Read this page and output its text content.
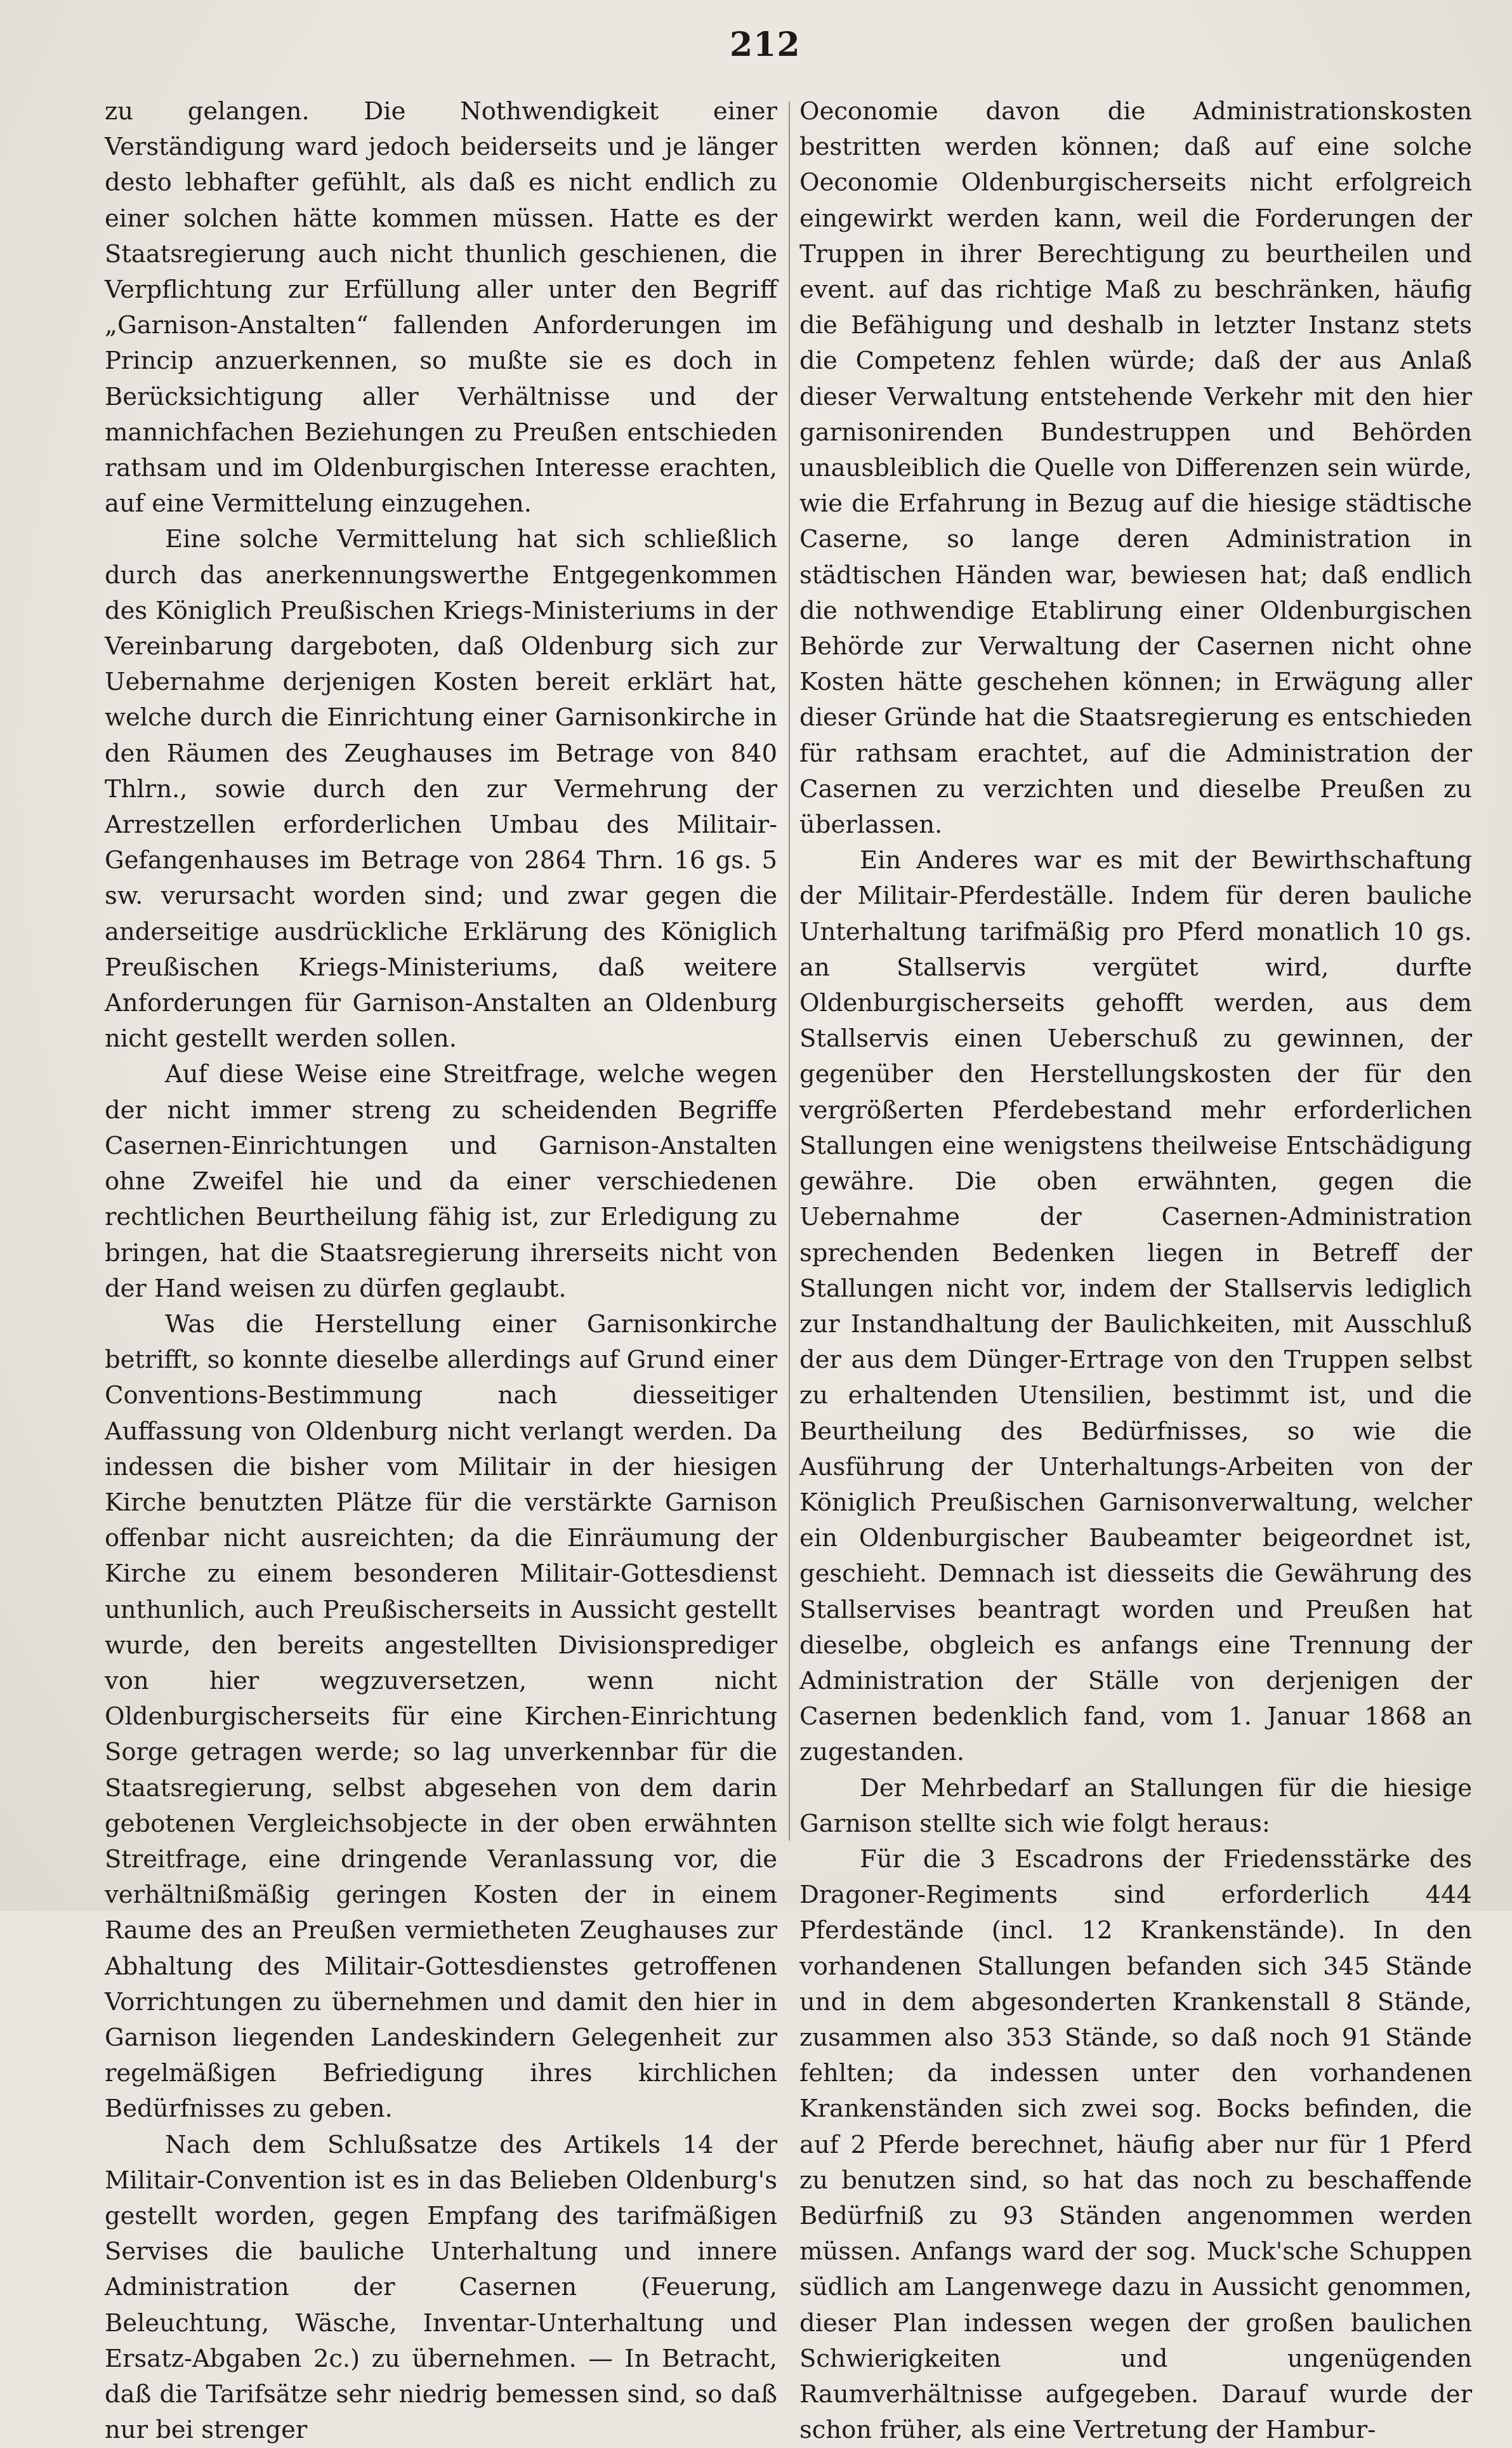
212

zu gelangen. Die Nothwendigkeit einer Verständigung ward jedoch beiderseits und je länger desto lebhafter gefühlt, als daß es nicht endlich zu einer solchen hätte kommen müssen. Hatte es der Staatsregierung auch nicht thunlich geschienen, die Verpflichtung zur Erfüllung aller unter den Begriff „Garnison-Anstalten“ fallenden Anforderungen im Princip anzuerkennen, so mußte sie es doch in Berücksichtigung aller Verhältnisse und der mannichfachen Beziehungen zu Preußen entschieden rathsam und im Oldenburgischen Interesse erachten, auf eine Vermittelung einzugehen.

Eine solche Vermittelung hat sich schließlich durch das anerkennungswerthe Entgegenkommen des Königlich Preußischen Kriegs-Ministeriums in der Vereinbarung dargeboten, daß Oldenburg sich zur Uebernahme derjenigen Kosten bereit erklärt hat, welche durch die Einrichtung einer Garnisonkirche in den Räumen des Zeughauses im Betrage von 840 Thlrn., sowie durch den zur Vermehrung der Arrestzellen erforderlichen Umbau des Militair-Gefangenhauses im Betrage von 2864 Thrn. 16 gs. 5 sw. verursacht worden sind; und zwar gegen die anderseitige ausdrückliche Erklärung des Königlich Preußischen Kriegs-Ministeriums, daß weitere Anforderungen für Garnison-Anstalten an Oldenburg nicht gestellt werden sollen.

Auf diese Weise eine Streitfrage, welche wegen der nicht immer streng zu scheidenden Begriffe Casernen-Einrichtungen und Garnison-Anstalten ohne Zweifel hie und da einer verschiedenen rechtlichen Beurtheilung fähig ist, zur Erledigung zu bringen, hat die Staatsregierung ihrerseits nicht von der Hand weisen zu dürfen geglaubt.

Was die Herstellung einer Garnisonkirche betrifft, so konnte dieselbe allerdings auf Grund einer Conventions-Bestimmung nach diesseitiger Auffassung von Oldenburg nicht verlangt werden. Da indessen die bisher vom Militair in der hiesigen Kirche benutzten Plätze für die verstärkte Garnison offenbar nicht ausreichten; da die Einräumung der Kirche zu einem besonderen Militair-Gottesdienst unthunlich, auch Preußischerseits in Aussicht gestellt wurde, den bereits angestellten Divisionsprediger von hier wegzuversetzen, wenn nicht Oldenburgischerseits für eine Kirchen-Einrichtung Sorge getragen werde; so lag unverkennbar für die Staatsregierung, selbst abgesehen von dem darin gebotenen Vergleichsobjecte in der oben erwähnten Streitfrage, eine dringende Veranlassung vor, die verhältnißmäßig geringen Kosten der in einem Raume des an Preußen vermietheten Zeughauses zur Abhaltung des Militair-Gottesdienstes getroffenen Vorrichtungen zu übernehmen und damit den hier in Garnison liegenden Landeskindern Gelegenheit zur regelmäßigen Befriedigung ihres kirchlichen Bedürfnisses zu geben.

Nach dem Schlußsatze des Artikels 14 der Militair-Convention ist es in das Belieben Oldenburg's gestellt worden, gegen Empfang des tarifmäßigen Servises die bauliche Unterhaltung und innere Administration der Casernen (Feuerung, Beleuchtung, Wäsche, Inventar-Unterhaltung und Ersatz-Abgaben 2c.) zu übernehmen. — In Betracht, daß die Tarifsätze sehr niedrig bemessen sind, so daß nur bei strenger

Oeconomie davon die Administrationskosten bestritten werden können; daß auf eine solche Oeconomie Oldenburgischerseits nicht erfolgreich eingewirkt werden kann, weil die Forderungen der Truppen in ihrer Berechtigung zu beurtheilen und event. auf das richtige Maß zu beschränken, häufig die Befähigung und deshalb in letzter Instanz stets die Competenz fehlen würde; daß der aus Anlaß dieser Verwaltung entstehende Verkehr mit den hier garnisonirenden Bundestruppen und Behörden unausbleiblich die Quelle von Differenzen sein würde, wie die Erfahrung in Bezug auf die hiesige städtische Caserne, so lange deren Administration in städtischen Händen war, bewiesen hat; daß endlich die nothwendige Etablirung einer Oldenburgischen Behörde zur Verwaltung der Casernen nicht ohne Kosten hätte geschehen können; in Erwägung aller dieser Gründe hat die Staatsregierung es entschieden für rathsam erachtet, auf die Administration der Casernen zu verzichten und dieselbe Preußen zu überlassen.

Ein Anderes war es mit der Bewirthschaftung der Militair-Pferdeställe. Indem für deren bauliche Unterhaltung tarifmäßig pro Pferd monatlich 10 gs. an Stallservis vergütet wird, durfte Oldenburgischerseits gehofft werden, aus dem Stallservis einen Ueberschuß zu gewinnen, der gegenüber den Herstellungskosten der für den vergrößerten Pferdebestand mehr erforderlichen Stallungen eine wenigstens theilweise Entschädigung gewähre. Die oben erwähnten, gegen die Uebernahme der Casernen-Administration sprechenden Bedenken liegen in Betreff der Stallungen nicht vor, indem der Stallservis lediglich zur Instandhaltung der Baulichkeiten, mit Ausschluß der aus dem Dünger-Ertrage von den Truppen selbst zu erhaltenden Utensilien, bestimmt ist, und die Beurtheilung des Bedürfnisses, so wie die Ausführung der Unterhaltungs-Arbeiten von der Königlich Preußischen Garnisonverwaltung, welcher ein Oldenburgischer Baubeamter beigeordnet ist, geschieht. Demnach ist diesseits die Gewährung des Stallservises beantragt worden und Preußen hat dieselbe, obgleich es anfangs eine Trennung der Administration der Ställe von derjenigen der Casernen bedenklich fand, vom 1. Januar 1868 an zugestanden.

Der Mehrbedarf an Stallungen für die hiesige Garnison stellte sich wie folgt heraus:

Für die 3 Escadrons der Friedensstärke des Dragoner-Regiments sind erforderlich 444 Pferdestände (incl. 12 Krankenstände). In den vorhandenen Stallungen befanden sich 345 Stände und in dem abgesonderten Krankenstall 8 Stände, zusammen also 353 Stände, so daß noch 91 Stände fehlten; da indessen unter den vorhandenen Krankenständen sich zwei sog. Bocks befinden, die auf 2 Pferde berechnet, häufig aber nur für 1 Pferd zu benutzen sind, so hat das noch zu beschaffende Bedürfniß zu 93 Ständen angenommen werden müssen. Anfangs ward der sog. Muck'sche Schuppen südlich am Langenwege dazu in Aussicht genommen, dieser Plan indessen wegen der großen baulichen Schwierigkeiten und ungenügenden Raumverhältnisse aufgegeben. Darauf wurde der schon früher, als eine Vertretung der Hambur-
